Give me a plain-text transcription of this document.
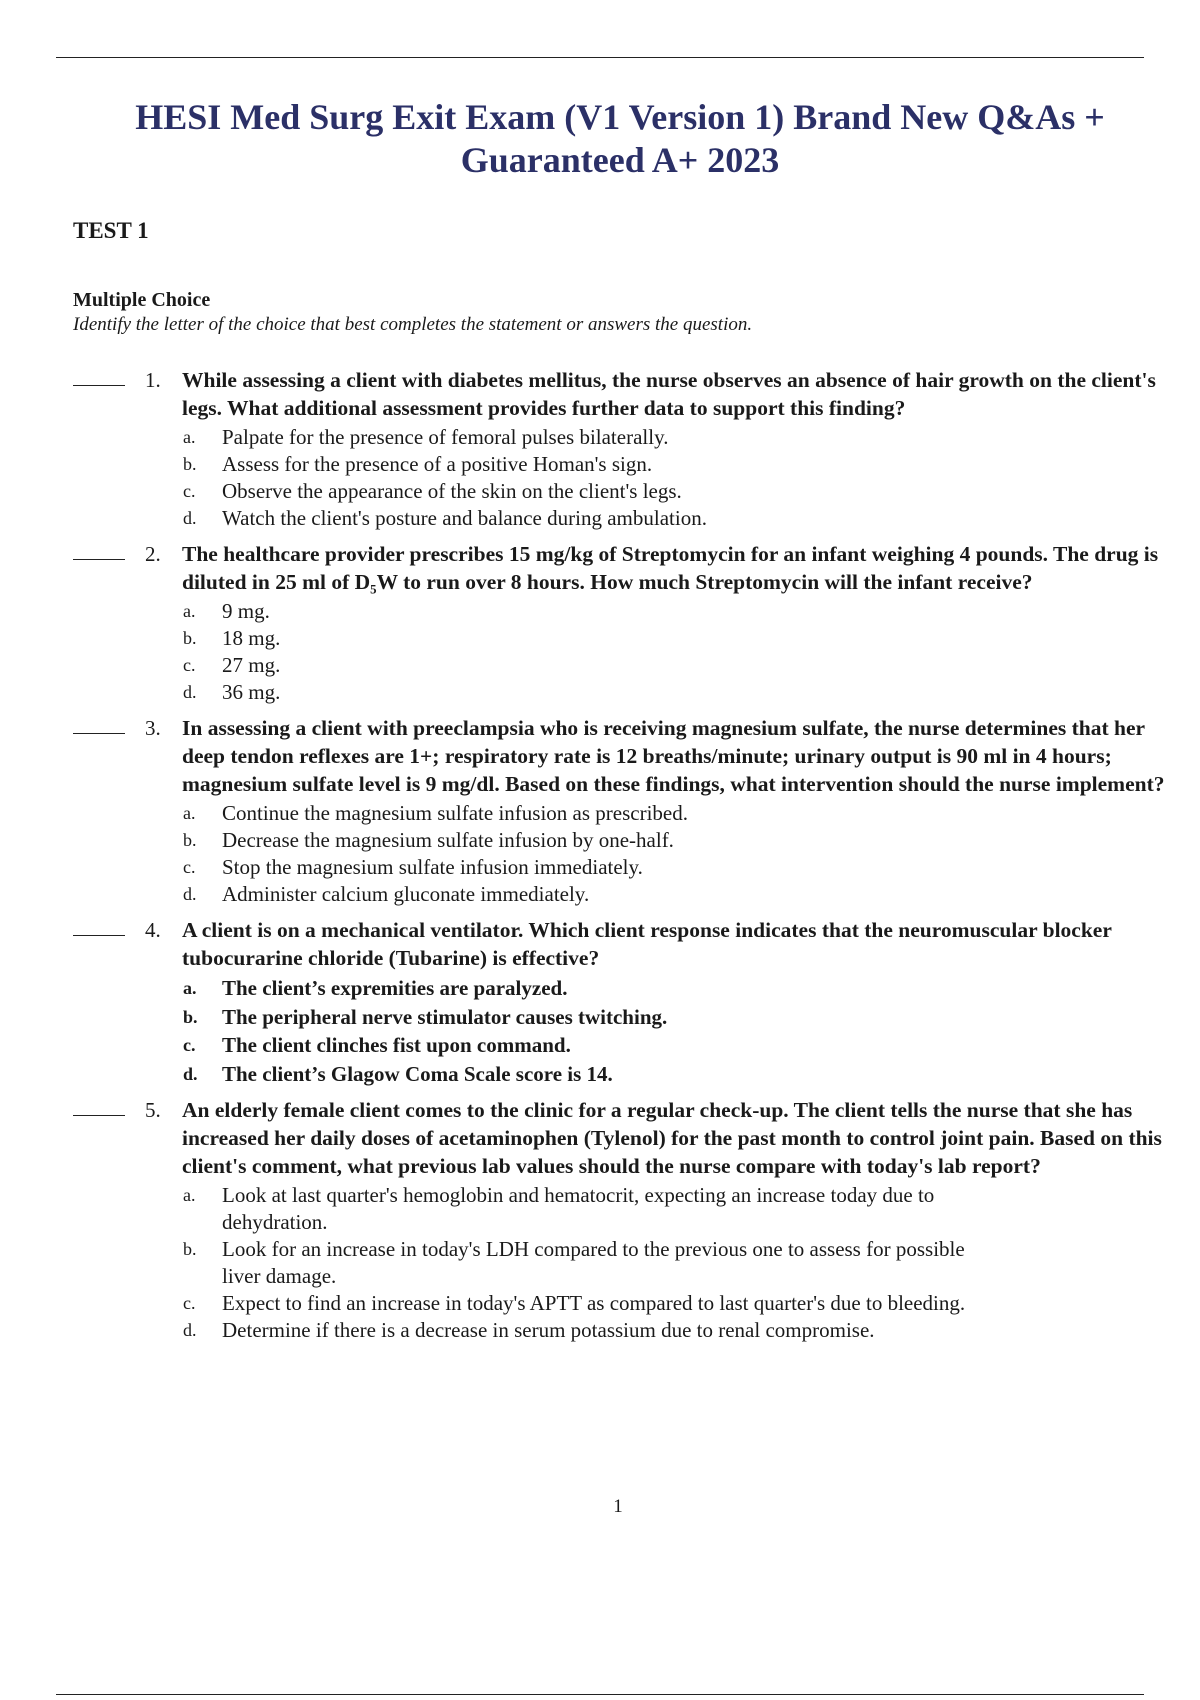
HESI Med Surg Exit Exam (V1 Version 1) Brand New Q&As + Guaranteed A+ 2023
TEST 1
Multiple Choice

Identify the letter of the choice that best completes the statement or answers the question.

1. While assessing a client with diabetes mellitus, the nurse observes an absence of hair growth on the client's legs. What additional assessment provides further data to support this finding?
a. Palpate for the presence of femoral pulses bilaterally.
b. Assess for the presence of a positive Homan's sign.
c. Observe the appearance of the skin on the client's legs.
d. Watch the client's posture and balance during ambulation.
2. The healthcare provider prescribes 15 mg/kg of Streptomycin for an infant weighing 4 pounds. The drug is diluted in 25 ml of D₅W to run over 8 hours. How much Streptomycin will the infant receive?
a. 9 mg.
b. 18 mg.
c. 27 mg.
d. 36 mg.
3. In assessing a client with preeclampsia who is receiving magnesium sulfate, the nurse determines that her deep tendon reflexes are 1+; respiratory rate is 12 breaths/minute; urinary output is 90 ml in 4 hours; magnesium sulfate level is 9 mg/dl. Based on these findings, what intervention should the nurse implement?
a. Continue the magnesium sulfate infusion as prescribed.
b. Decrease the magnesium sulfate infusion by one-half.
c. Stop the magnesium sulfate infusion immediately.
d. Administer calcium gluconate immediately.
4. A client is on a mechanical ventilator. Which client response indicates that the neuromuscular blocker tubocurarine chloride (Tubarine) is effective?
a. The client’s expremities are paralyzed.
b. The peripheral nerve stimulator causes twitching.
c. The client clinches fist upon command.
d. The client’s Glagow Coma Scale score is 14.
5. An elderly female client comes to the clinic for a regular check-up. The client tells the nurse that she has increased her daily doses of acetaminophen (Tylenol) for the past month to control joint pain. Based on this client's comment, what previous lab values should the nurse compare with today's lab report?
a. Look at last quarter's hemoglobin and hematocrit, expecting an increase today due to dehydration.
b. Look for an increase in today's LDH compared to the previous one to assess for possible liver damage.
c. Expect to find an increase in today's APTT as compared to last quarter's due to bleeding.
d. Determine if there is a decrease in serum potassium due to renal compromise.

1
